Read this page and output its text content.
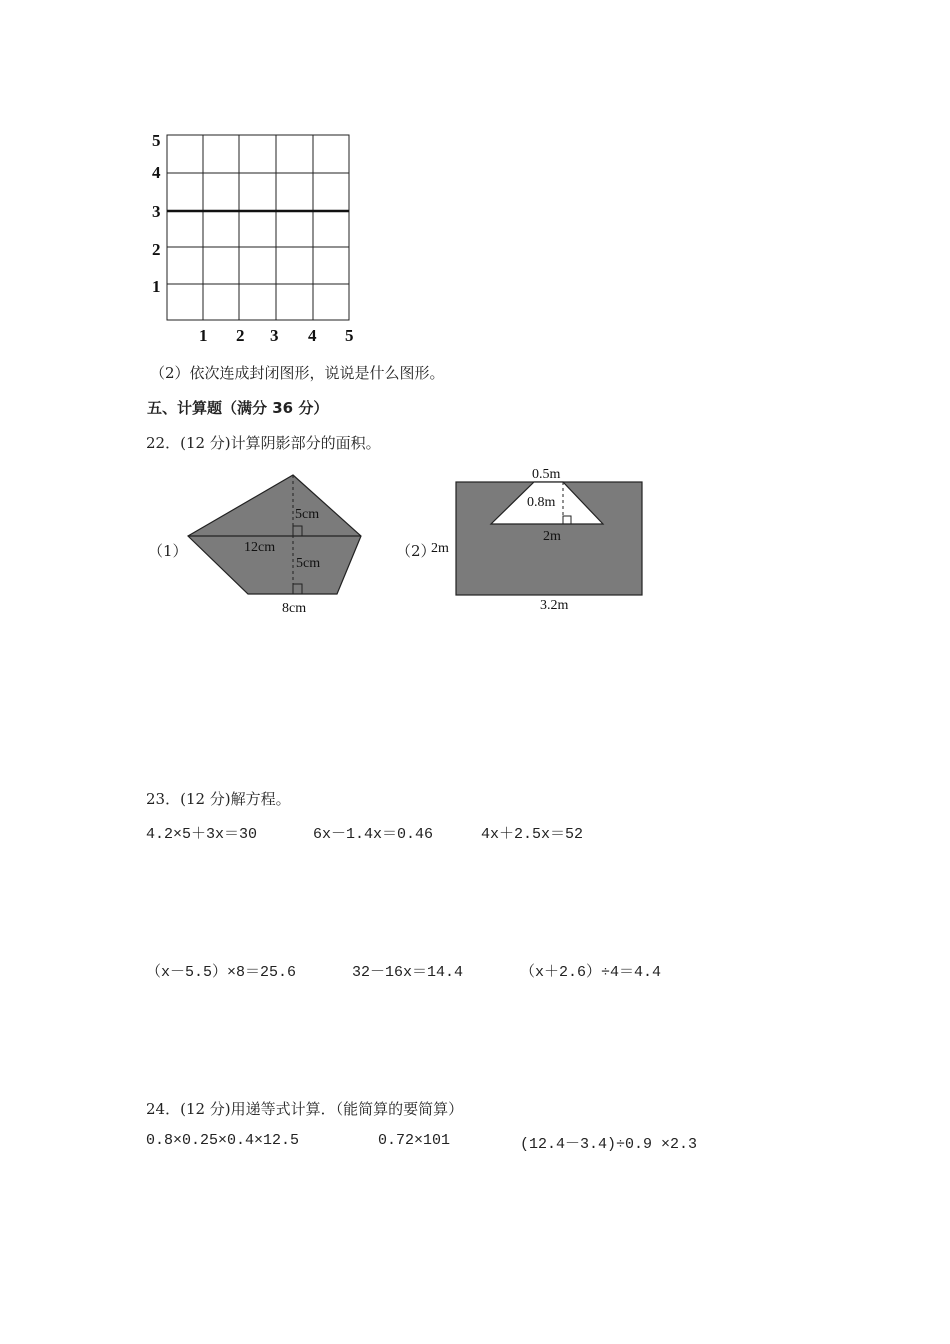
5
4
3
2
1
1 2 3 4 5
（2）依次连成封闭图形，说说是什么图形。
五、计算题（满分 36 分）
22．(12 分)计算阴影部分的面积。
（1）
5cm
12cm
5cm
8cm
（2）
0.5m
0.8m
2m
2m
3.2m
23．(12 分)解方程。
4.2×5＋3x＝30	6x－1.4x＝0.46	4x＋2.5x＝52
（x－5.5）×8＝25.6	32－16x＝14.4	（x＋2.6）÷4＝4.4
24．(12 分)用递等式计算．（能简算的要简算）
0.8×0.25×0.4×12.5	0.72×101	(12.4－3.4)÷0.9 ×2.3
